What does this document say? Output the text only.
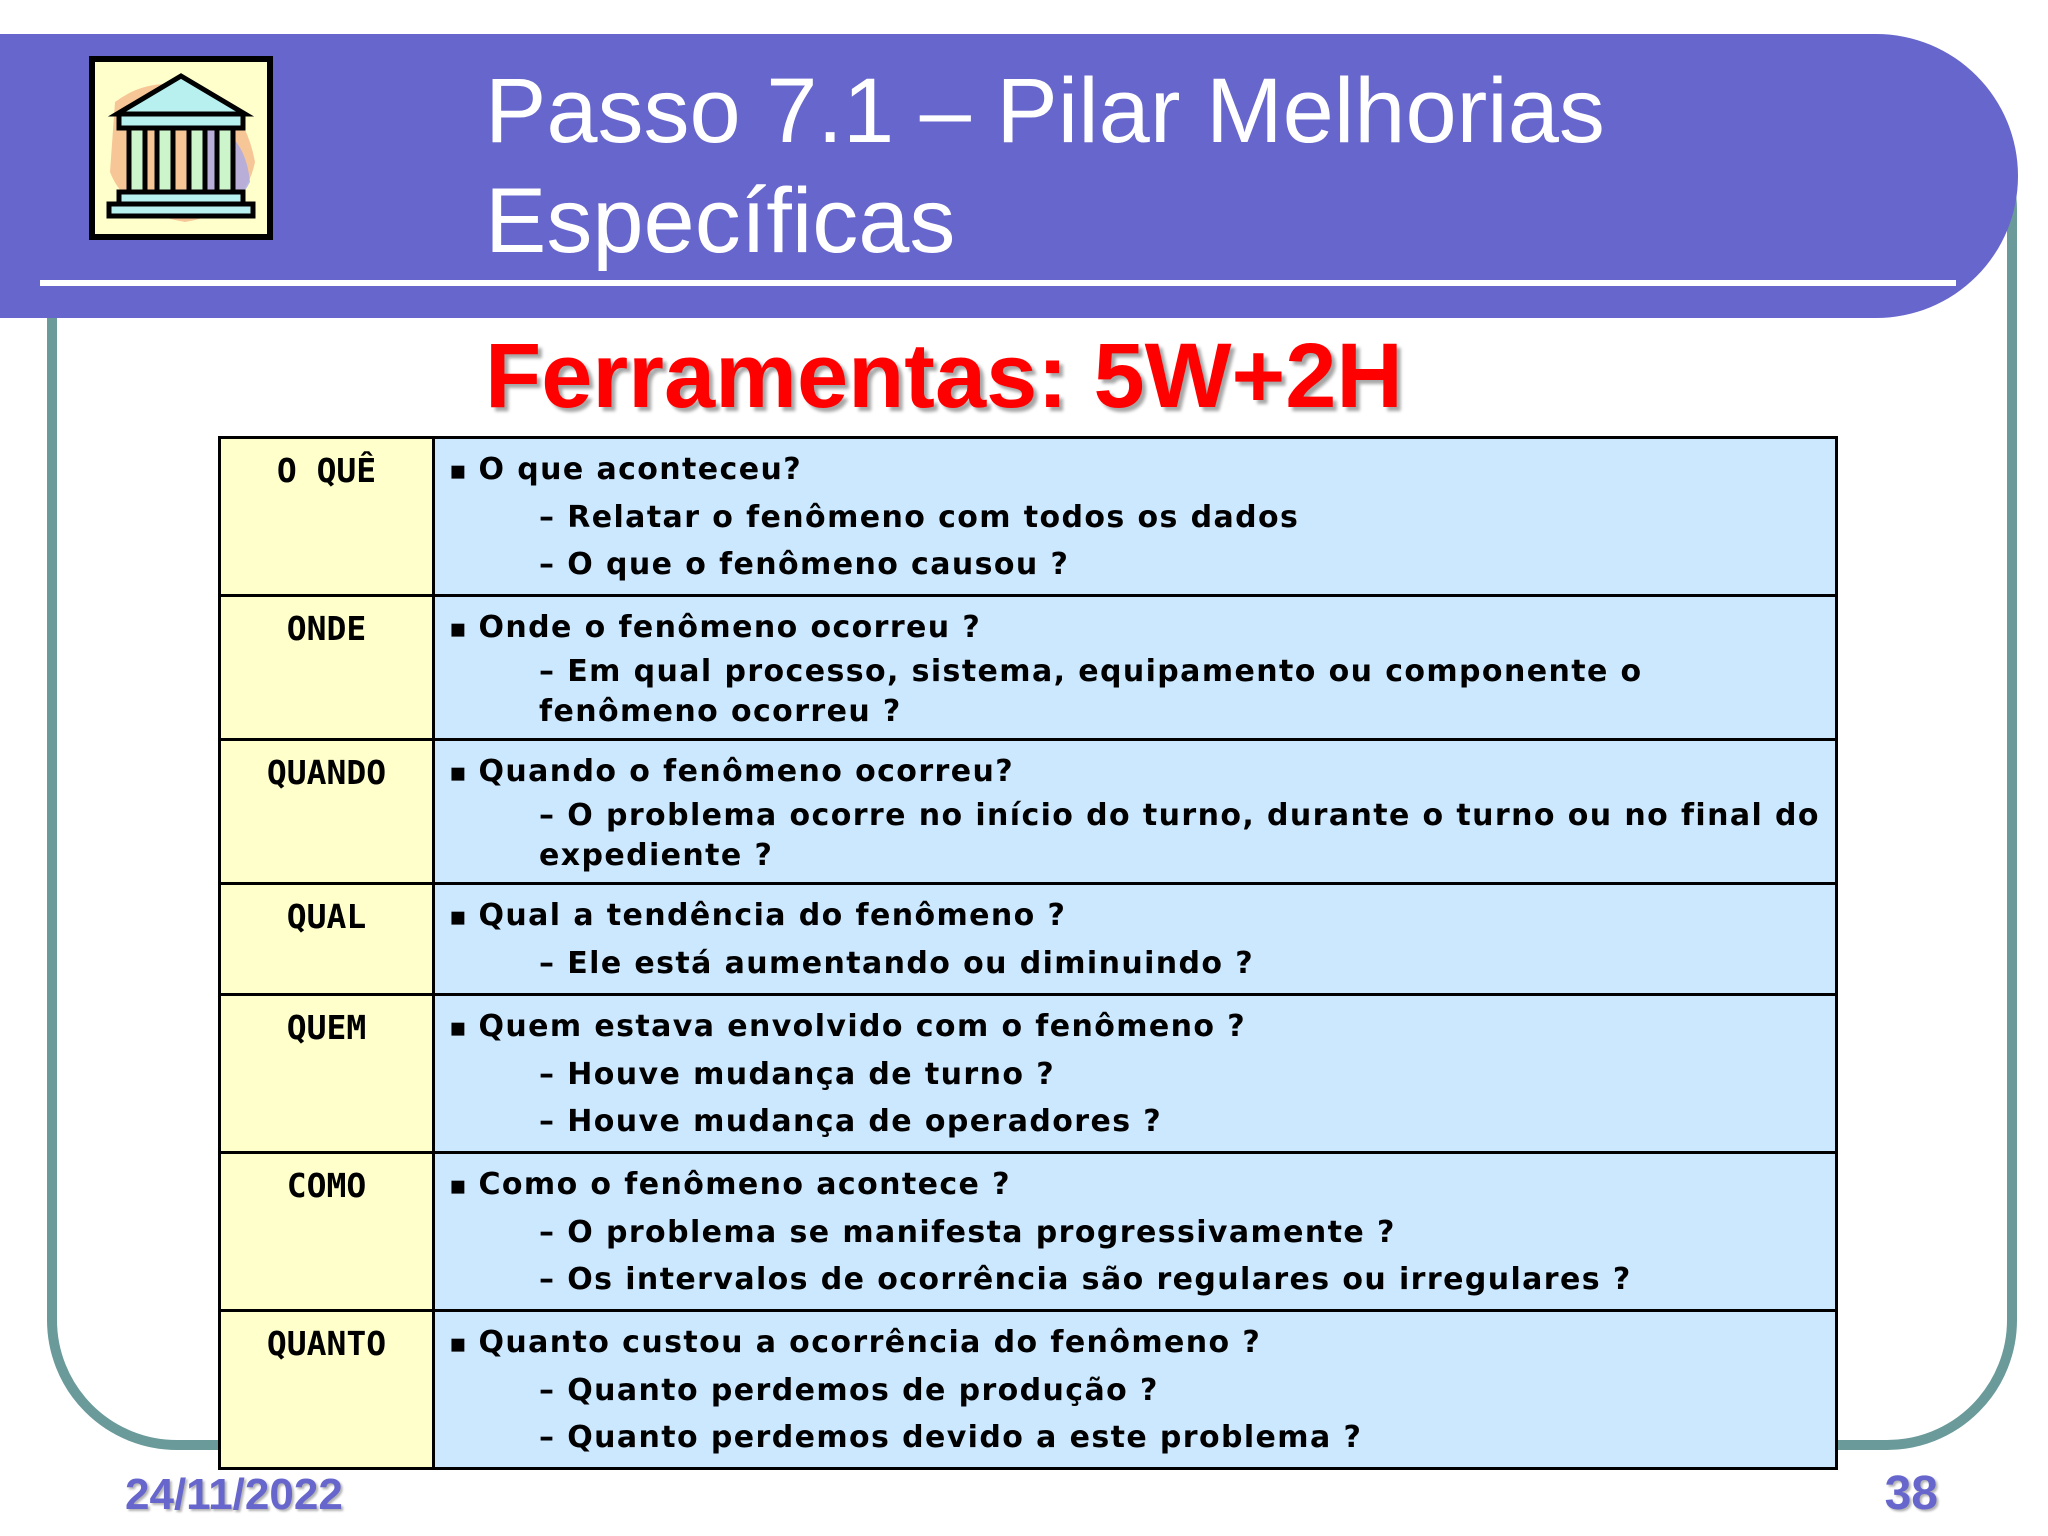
Passo 7.1 – Pilar Melhorias
Específicas
Ferramentas: 5W+2H
O QUÊ	▪ O que aconteceu?
– Relatar o fenômeno com todos os dados
– O que o fenômeno causou ?

ONDE	▪ Onde o fenômeno ocorreu ?
– Em qual processo, sistema, equipamento ou componente o fenômeno ocorreu ?

QUANDO	▪ Quando o fenômeno ocorreu?
– O problema ocorre no início do turno, durante o turno ou no final do expediente ?

QUAL	▪ Qual a tendência do fenômeno ?
– Ele está aumentando ou diminuindo ?

QUEM	▪ Quem estava envolvido com o fenômeno ?
– Houve mudança de turno ?
– Houve mudança de operadores ?

COMO	▪ Como o fenômeno acontece ?
– O problema se manifesta progressivamente ?
– Os intervalos de ocorrência são regulares ou irregulares ?

QUANTO	▪ Quanto custou a ocorrência do fenômeno ?
– Quanto perdemos de produção ?
– Quanto perdemos devido a este problema ?

24/11/2022	38
